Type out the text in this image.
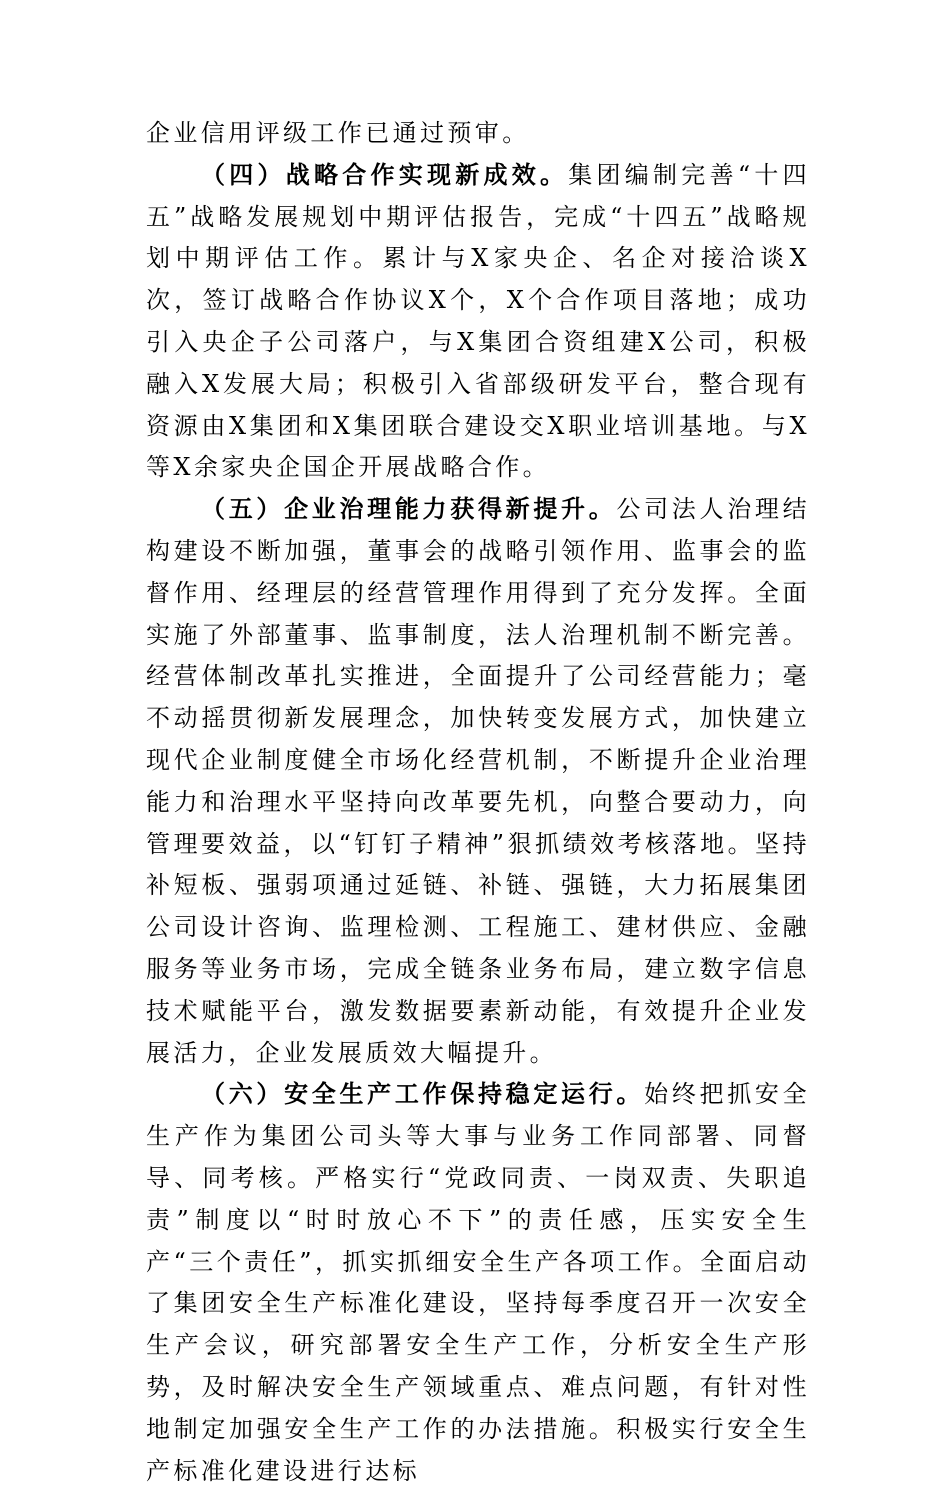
企业信用评级工作已通过预审。

（四）战略合作实现新成效。集团编制完善“十四五”战略发展规划中期评估报告，完成“十四五”战略规划中期评估工作。累计与X家央企、名企对接洽谈X次，签订战略合作协议X个，X个合作项目落地；成功引入央企子公司落户，与X集团合资组建X公司，积极融入X发展大局；积极引入省部级研发平台，整合现有资源由X集团和X集团联合建设交X职业培训基地。与X等X余家央企国企开展战略合作。

（五）企业治理能力获得新提升。公司法人治理结构建设不断加强，董事会的战略引领作用、监事会的监督作用、经理层的经营管理作用得到了充分发挥。全面实施了外部董事、监事制度，法人治理机制不断完善。经营体制改革扎实推进，全面提升了公司经营能力；毫不动摇贯彻新发展理念，加快转变发展方式，加快建立现代企业制度健全市场化经营机制，不断提升企业治理能力和治理水平坚持向改革要先机，向整合要动力，向管理要效益，以“钉钉子精神”狠抓绩效考核落地。坚持补短板、强弱项通过延链、补链、强链，大力拓展集团公司设计咨询、监理检测、工程施工、建材供应、金融服务等业务市场，完成全链条业务布局，建立数字信息技术赋能平台，激发数据要素新动能，有效提升企业发展活力，企业发展质效大幅提升。

（六）安全生产工作保持稳定运行。始终把抓安全生产作为集团公司头等大事与业务工作同部署、同督导、同考核。严格实行“党政同责、一岗双责、失职追责”制度以“时时放心不下”的责任感，压实安全生产“三个责任”，抓实抓细安全生产各项工作。全面启动了集团安全生产标准化建设，坚持每季度召开一次安全生产会议，研究部署安全生产工作，分析安全生产形势，及时解决安全生产领域重点、难点问题，有针对性地制定加强安全生产工作的办法措施。积极实行安全生产标准化建设进行达标
